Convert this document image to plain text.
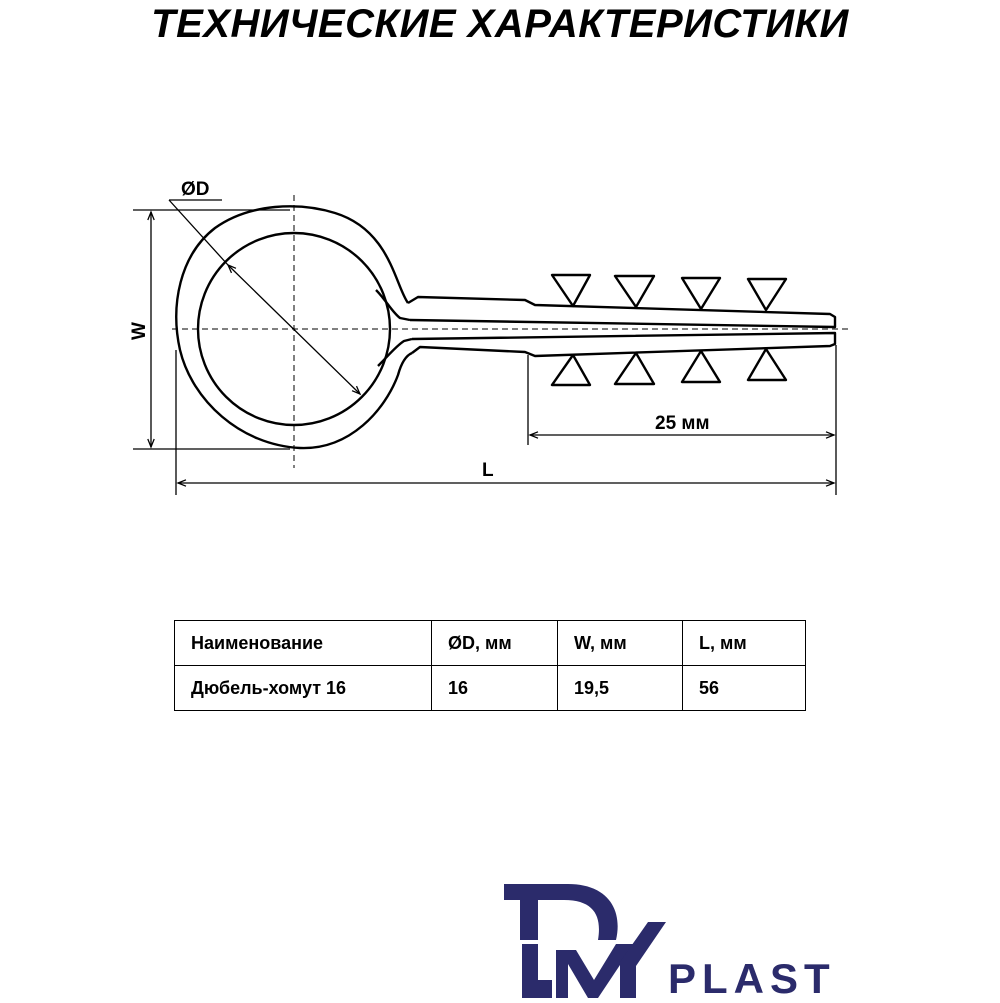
ТЕХНИЧЕСКИЕ ХАРАКТЕРИСТИКИ
ØD
W
25 мм
L
Наименование	ØD, мм	W, мм	L, мм
Дюбель-хомут 16	16	19,5	56
PLAST
